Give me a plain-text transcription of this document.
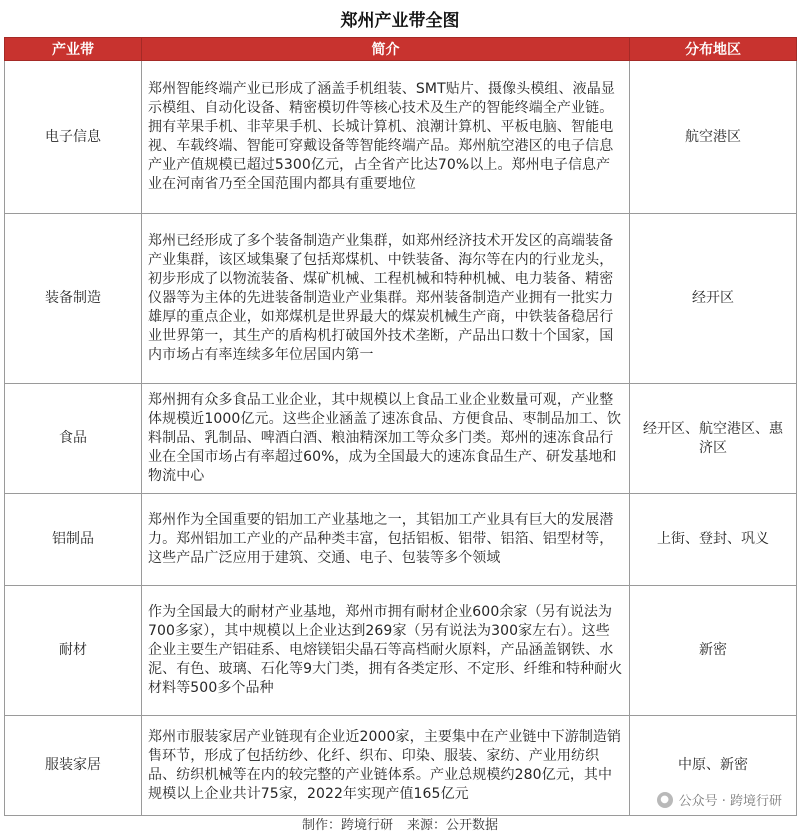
郑州产业带全图
产业带	简介	分布地区
电子信息	郑州智能终端产业已形成了涵盖手机组装、SMT贴片、摄像头模组、液晶显示模组、自动化设备、精密模切件等核心技术及生产的智能终端全产业链。拥有苹果手机、非苹果手机、长城计算机、浪潮计算机、平板电脑、智能电视、车载终端、智能可穿戴设备等智能终端产品。郑州航空港区的电子信息产业产值规模已超过5300亿元，占全省产比达70%以上。郑州电子信息产业在河南省乃至全国范围内都具有重要地位	航空港区
装备制造	郑州已经形成了多个装备制造产业集群，如郑州经济技术开发区的高端装备产业集群，该区域集聚了包括郑煤机、中铁装备、海尔等在内的行业龙头，初步形成了以物流装备、煤矿机械、工程机械和特种机械、电力装备、精密仪器等为主体的先进装备制造业产业集群。郑州装备制造产业拥有一批实力雄厚的重点企业，如郑煤机是世界最大的煤炭机械生产商，中铁装备稳居行业世界第一，其生产的盾构机打破国外技术垄断，产品出口数十个国家，国内市场占有率连续多年位居国内第一	经开区
食品	郑州拥有众多食品工业企业，其中规模以上食品工业企业数量可观，产业整体规模近1000亿元。这些企业涵盖了速冻食品、方便食品、枣制品加工、饮料制品、乳制品、啤酒白酒、粮油精深加工等众多门类。郑州的速冻食品行业在全国市场占有率超过60%，成为全国最大的速冻食品生产、研发基地和物流中心	经开区、航空港区、惠济区
铝制品	郑州作为全国重要的铝加工产业基地之一，其铝加工产业具有巨大的发展潜力。郑州铝加工产业的产品种类丰富，包括铝板、铝带、铝箔、铝型材等，这些产品广泛应用于建筑、交通、电子、包装等多个领域	上街、登封、巩义
耐材	作为全国最大的耐材产业基地，郑州市拥有耐材企业600余家（另有说法为700多家），其中规模以上企业达到269家（另有说法为300家左右）。这些企业主要生产铝硅系、电熔镁铝尖晶石等高档耐火原料，产品涵盖钢铁、水泥、有色、玻璃、石化等9大门类，拥有各类定形、不定形、纤维和特种耐火材料等500多个品种	新密
服装家居	郑州市服装家居产业链现有企业近2000家，主要集中在产业链中下游制造销售环节，形成了包括纺纱、化纤、织布、印染、服装、家纺、产业用纺织品、纺织机械等在内的较完整的产业链体系。产业总规模约280亿元，其中规模以上企业共计75家，2022年实现产值165亿元	中原、新密
● 公众号 · 跨境行研
制作：跨境行研 来源：公开数据
